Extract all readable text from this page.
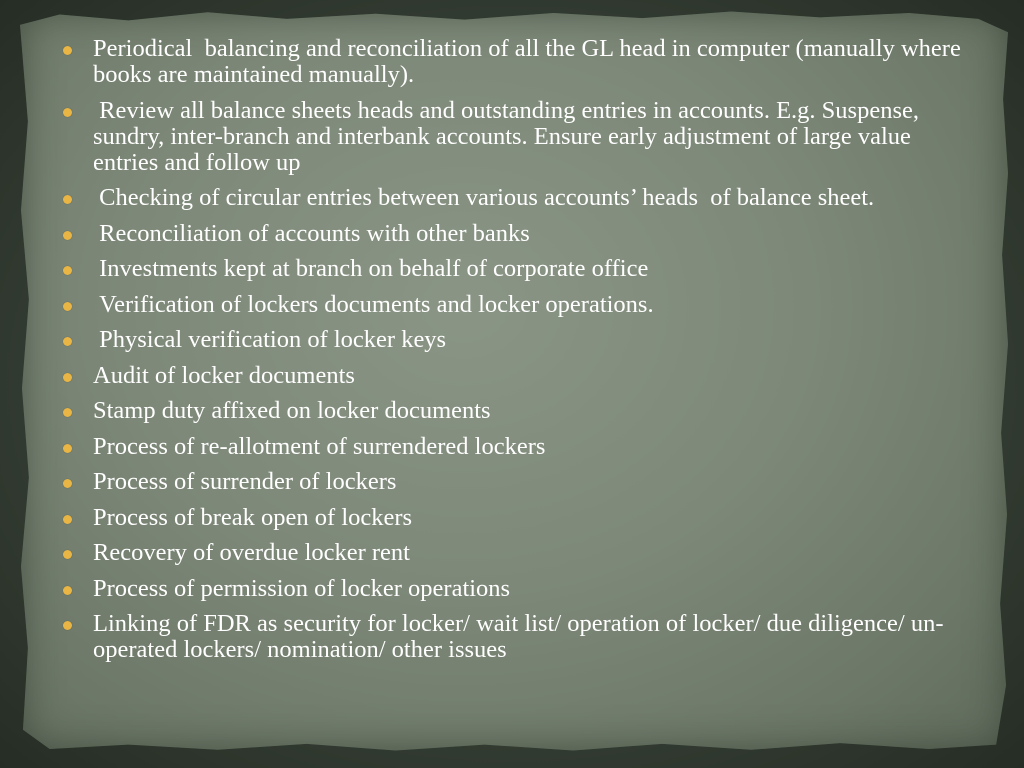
Periodical  balancing and reconciliation of all the GL head in computer (manually where books are maintained manually).
Review all balance sheets heads and outstanding entries in accounts. E.g. Suspense, sundry, inter-branch and interbank accounts. Ensure early adjustment of large value entries and follow up
Checking of circular entries between various accounts’ heads  of balance sheet.
Reconciliation of accounts with other banks
Investments kept at branch on behalf of corporate office
Verification of lockers documents and locker operations.
Physical verification of locker keys
Audit of locker documents
Stamp duty affixed on locker documents
Process of re-allotment of surrendered lockers
Process of surrender of lockers
Process of break open of lockers
Recovery of overdue locker rent
Process of permission of locker operations
Linking of FDR as security for locker/ wait list/ operation of locker/ due diligence/ un-operated lockers/ nomination/ other issues
